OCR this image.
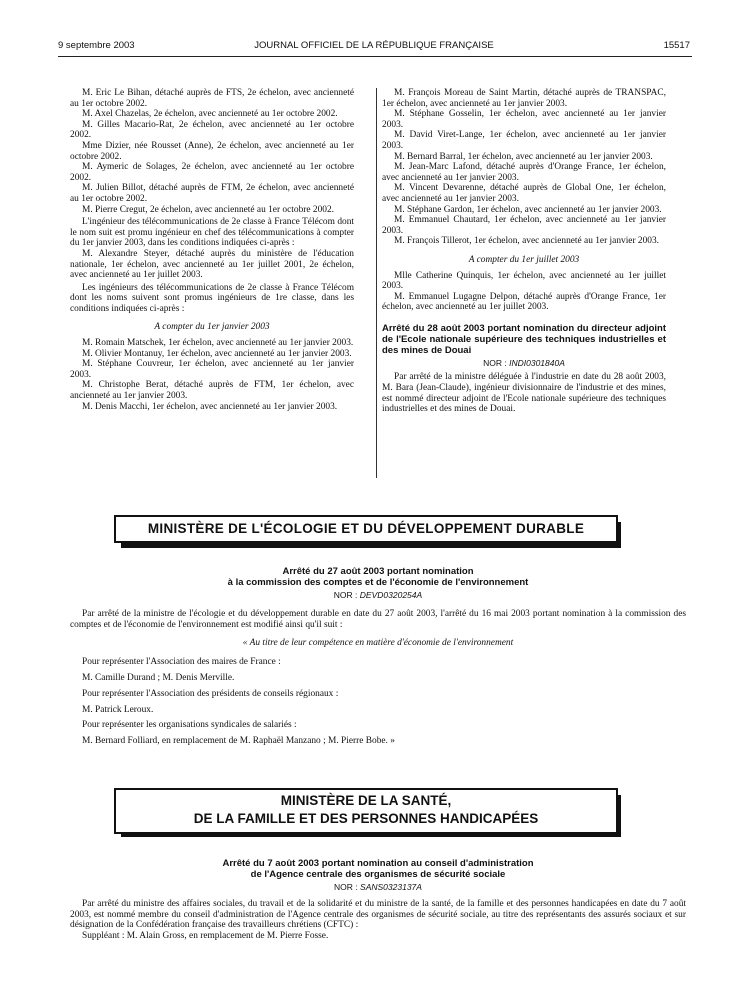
9 septembre 2003	JOURNAL OFFICIEL DE LA RÉPUBLIQUE FRANÇAISE	15517

M. Eric Le Bihan, détaché auprès de FTS, 2e échelon, avec ancienneté au 1er octobre 2002.

M. Axel Chazelas, 2e échelon, avec ancienneté au 1er octobre 2002.

M. Gilles Macario-Rat, 2e échelon, avec ancienneté au 1er octobre 2002.

Mme Dizier, née Rousset (Anne), 2e échelon, avec ancienneté au 1er octobre 2002.

M. Aymeric de Solages, 2e échelon, avec ancienneté au 1er octobre 2002.

M. Julien Billot, détaché auprès de FTM, 2e échelon, avec ancienneté au 1er octobre 2002.

M. Pierre Cregut, 2e échelon, avec ancienneté au 1er octobre 2002.

L'ingénieur des télécommunications de 2e classe à France Télécom dont le nom suit est promu ingénieur en chef des télécommunications à compter du 1er janvier 2003, dans les conditions indiquées ci-après :

M. Alexandre Steyer, détaché auprès du ministère de l'éducation nationale, 1er échelon, avec ancienneté au 1er juillet 2001, 2e échelon, avec ancienneté au 1er juillet 2003.

Les ingénieurs des télécommunications de 2e classe à France Télécom dont les noms suivent sont promus ingénieurs de 1re classe, dans les conditions indiquées ci-après :

A compter du 1er janvier 2003

M. Romain Matschek, 1er échelon, avec ancienneté au 1er janvier 2003.

M. Olivier Montanuy, 1er échelon, avec ancienneté au 1er janvier 2003.

M. Stéphane Couvreur, 1er échelon, avec ancienneté au 1er janvier 2003.

M. Christophe Berat, détaché auprès de FTM, 1er échelon, avec ancienneté au 1er janvier 2003.

M. Denis Macchi, 1er échelon, avec ancienneté au 1er janvier 2003.

M. François Moreau de Saint Martin, détaché auprès de TRANSPAC, 1er échelon, avec ancienneté au 1er janvier 2003.

M. Stéphane Gosselin, 1er échelon, avec ancienneté au 1er janvier 2003.

M. David Viret-Lange, 1er échelon, avec ancienneté au 1er janvier 2003.

M. Bernard Barral, 1er échelon, avec ancienneté au 1er janvier 2003.

M. Jean-Marc Lafond, détaché auprès d'Orange France, 1er échelon, avec ancienneté au 1er janvier 2003.

M. Vincent Devarenne, détaché auprès de Global One, 1er échelon, avec ancienneté au 1er janvier 2003.

M. Stéphane Gardon, 1er échelon, avec ancienneté au 1er janvier 2003.

M. Emmanuel Chautard, 1er échelon, avec ancienneté au 1er janvier 2003.

M. François Tillerot, 1er échelon, avec ancienneté au 1er janvier 2003.

A compter du 1er juillet 2003

Mlle Catherine Quinquis, 1er échelon, avec ancienneté au 1er juillet 2003.

M. Emmanuel Lugagne Delpon, détaché auprès d'Orange France, 1er échelon, avec ancienneté au 1er juillet 2003.

Arrêté du 28 août 2003 portant nomination du directeur adjoint de l'Ecole nationale supérieure des techniques industrielles et des mines de Douai

NOR : INDI0301840A

Par arrêté de la ministre déléguée à l'industrie en date du 28 août 2003, M. Bara (Jean-Claude), ingénieur divisionnaire de l'industrie et des mines, est nommé directeur adjoint de l'Ecole nationale supérieure des techniques industrielles et des mines de Douai.

MINISTÈRE DE L'ÉCOLOGIE ET DU DÉVELOPPEMENT DURABLE
Arrêté du 27 août 2003 portant nomination
à la commission des comptes et de l'économie de l'environnement
NOR : DEVD0320254A

Par arrêté de la ministre de l'écologie et du développement durable en date du 27 août 2003, l'arrêté du 16 mai 2003 portant nomination à la commission des comptes et de l'économie de l'environnement est modifié ainsi qu'il suit :

« Au titre de leur compétence en matière d'économie de l'environnement

Pour représenter l'Association des maires de France :

M. Camille Durand ; M. Denis Merville.

Pour représenter l'Association des présidents de conseils régionaux :

M. Patrick Leroux.

Pour représenter les organisations syndicales de salariés :

M. Bernard Folliard, en remplacement de M. Raphaël Manzano ; M. Pierre Bobe. »

MINISTÈRE DE LA SANTÉ,
DE LA FAMILLE ET DES PERSONNES HANDICAPÉES
Arrêté du 7 août 2003 portant nomination au conseil d'administration
de l'Agence centrale des organismes de sécurité sociale
NOR : SANS0323137A

Par arrêté du ministre des affaires sociales, du travail et de la solidarité et du ministre de la santé, de la famille et des personnes handicapées en date du 7 août 2003, est nommé membre du conseil d'administration de l'Agence centrale des organismes de sécurité sociale, au titre des représentants des assurés sociaux et sur désignation de la Confédération française des travailleurs chrétiens (CFTC) :

Suppléant : M. Alain Gross, en remplacement de M. Pierre Fosse.
